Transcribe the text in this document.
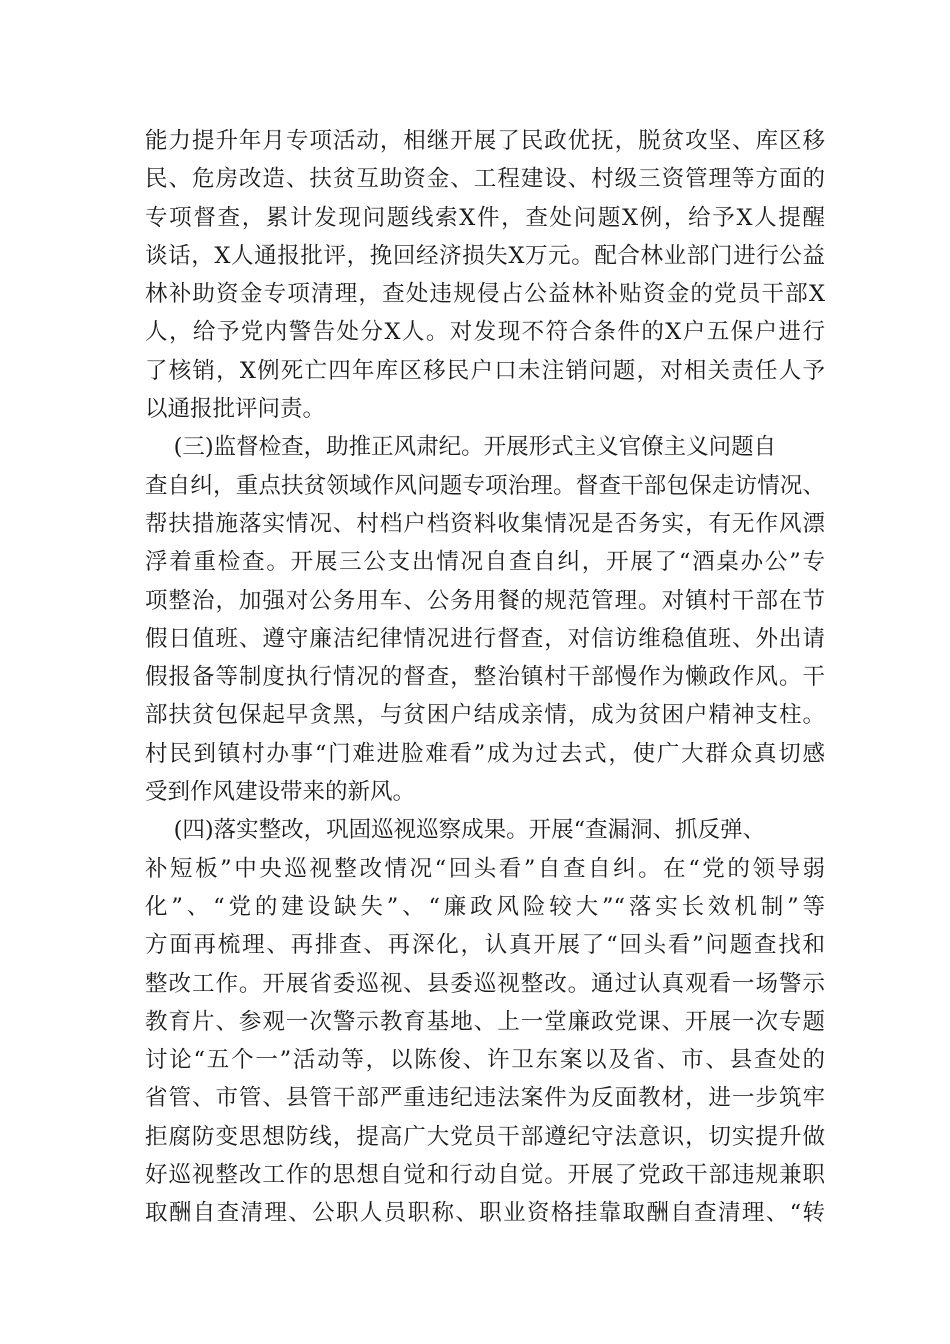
能力提升年月专项活动，相继开展了民政优抚，脱贫攻坚、库区移
民、危房改造、扶贫互助资金、工程建设、村级三资管理等方面的
专项督查，累计发现问题线索X件，查处问题X例，给予X人提醒
谈话，X人通报批评，挽回经济损失X万元。配合林业部门进行公益
林补助资金专项清理，查处违规侵占公益林补贴资金的党员干部X
人，给予党内警告处分X人。对发现不符合条件的X户五保户进行
了核销，X例死亡四年库区移民户口未注销问题，对相关责任人予
以通报批评问责。
(三)监督检查，助推正风肃纪。开展形式主义官僚主义问题自
查自纠，重点扶贫领域作风问题专项治理。督查干部包保走访情况、
帮扶措施落实情况、村档户档资料收集情况是否务实，有无作风漂
浮着重检查。开展三公支出情况自查自纠，开展了“酒桌办公”专
项整治，加强对公务用车、公务用餐的规范管理。对镇村干部在节
假日值班、遵守廉洁纪律情况进行督查，对信访维稳值班、外出请
假报备等制度执行情况的督查，整治镇村干部慢作为懒政作风。干
部扶贫包保起早贪黑，与贫困户结成亲情，成为贫困户精神支柱。
村民到镇村办事“门难进脸难看”成为过去式，使广大群众真切感
受到作风建设带来的新风。
(四)落实整改，巩固巡视巡察成果。开展“查漏洞、抓反弹、
补短板”中央巡视整改情况“回头看”自查自纠。在“党的领导弱
化”、“党的建设缺失”、“廉政风险较大”“落实长效机制”等
方面再梳理、再排查、再深化，认真开展了“回头看”问题查找和
整改工作。开展省委巡视、县委巡视整改。通过认真观看一场警示
教育片、参观一次警示教育基地、上一堂廉政党课、开展一次专题
讨论“五个一”活动等，以陈俊、许卫东案以及省、市、县查处的
省管、市管、县管干部严重违纪违法案件为反面教材，进一步筑牢
拒腐防变思想防线，提高广大党员干部遵纪守法意识，切实提升做
好巡视整改工作的思想自觉和行动自觉。开展了党政干部违规兼职
取酬自查清理、公职人员职称、职业资格挂靠取酬自查清理、“转
